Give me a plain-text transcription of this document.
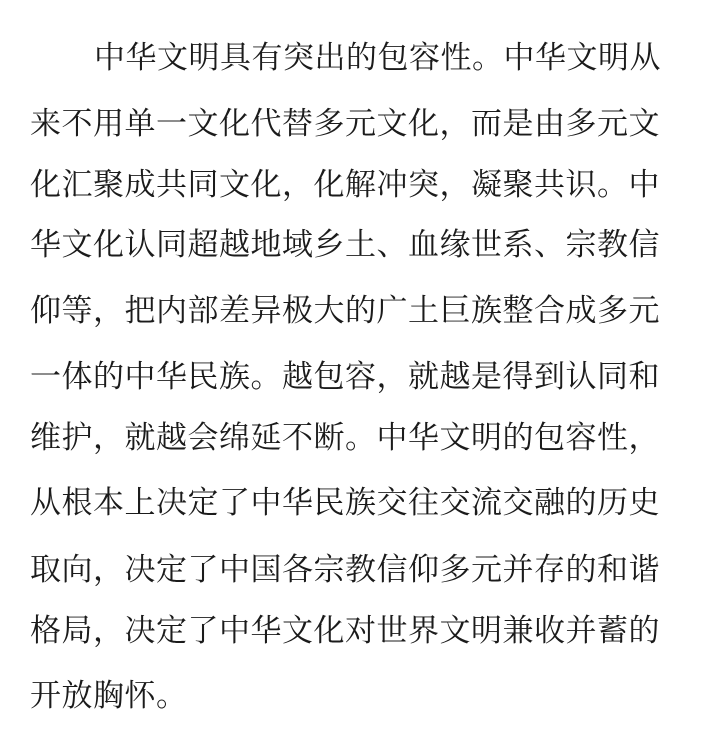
中华文明具有突出的包容性。中华文明从
来不用单一文化代替多元文化，而是由多元文
化汇聚成共同文化，化解冲突，凝聚共识。中
华文化认同超越地域乡土、血缘世系、宗教信
仰等，把内部差异极大的广土巨族整合成多元
一体的中华民族。越包容，就越是得到认同和
维护，就越会绵延不断。中华文明的包容性，
从根本上决定了中华民族交往交流交融的历史
取向，决定了中国各宗教信仰多元并存的和谐
格局，决定了中华文化对世界文明兼收并蓄的
开放胸怀。
